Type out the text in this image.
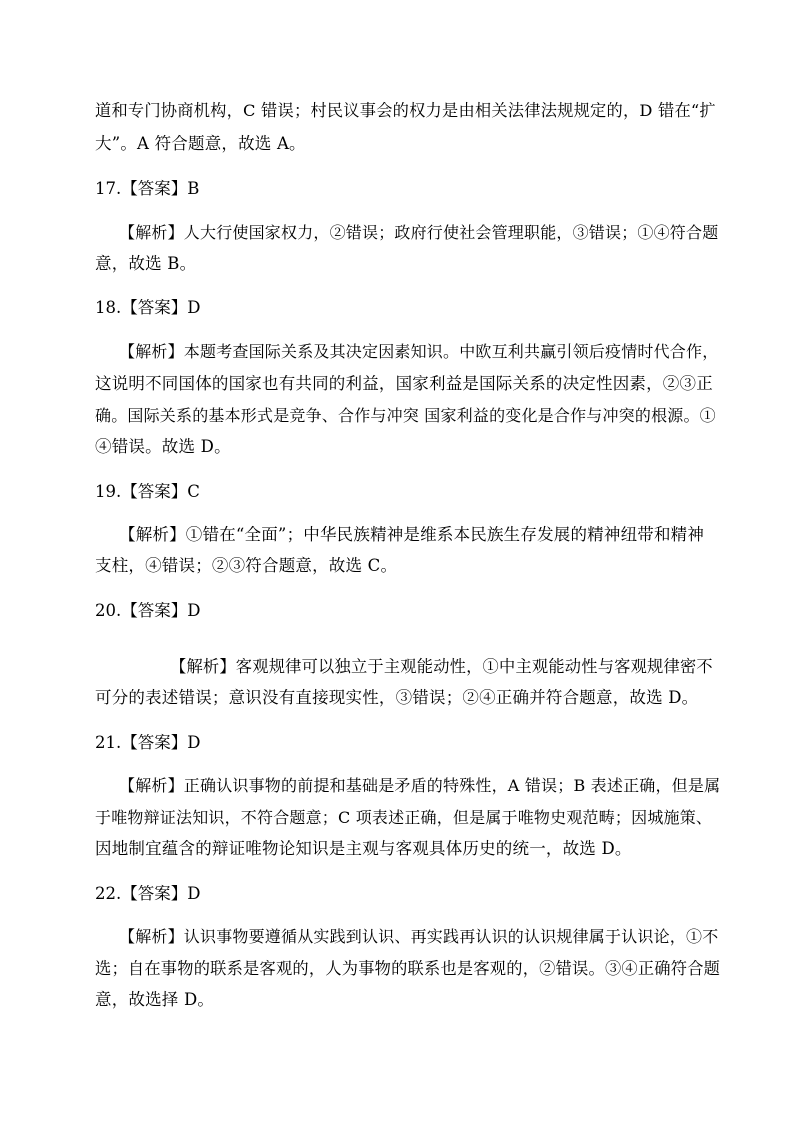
道和专门协商机构，C 错误；村民议事会的权力是由相关法律法规规定的，D 错在“扩
大”。A 符合题意，故选 A。
17.【答案】B
【解析】人大行使国家权力，②错误；政府行使社会管理职能，③错误；①④符合题
意，故选 B。
18.【答案】D
【解析】本题考查国际关系及其决定因素知识。中欧互利共赢引领后疫情时代合作，
这说明不同国体的国家也有共同的利益，国家利益是国际关系的决定性因素，②③正
确。国际关系的基本形式是竞争、合作与冲突 国家利益的变化是合作与冲突的根源。①
④错误。故选 D。
19.【答案】C
【解析】①错在“全面”；中华民族精神是维系本民族生存发展的精神纽带和精神
支柱，④错误；②③符合题意，故选 C。
20.【答案】D
【解析】客观规律可以独立于主观能动性，①中主观能动性与客观规律密不
可分的表述错误；意识没有直接现实性，③错误；②④正确并符合题意，故选 D。
21.【答案】D
【解析】正确认识事物的前提和基础是矛盾的特殊性，A 错误；B 表述正确，但是属
于唯物辩证法知识，不符合题意；C 项表述正确，但是属于唯物史观范畴；因城施策、
因地制宜蕴含的辩证唯物论知识是主观与客观具体历史的统一，故选 D。
22.【答案】D
【解析】认识事物要遵循从实践到认识、再实践再认识的认识规律属于认识论，①不
选；自在事物的联系是客观的，人为事物的联系也是客观的，②错误。③④正确符合题
意，故选择 D。
